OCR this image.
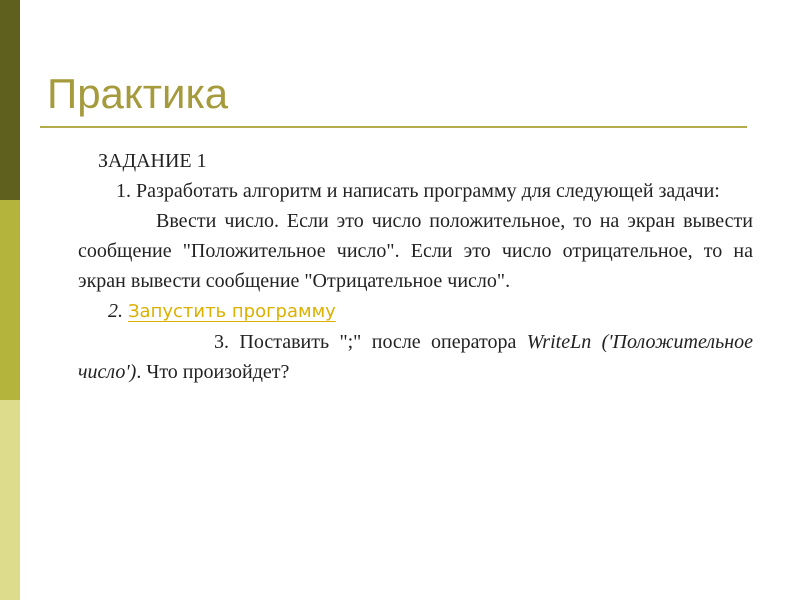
Практика

ЗАДАНИЕ 1

1. Разработать алгоритм и написать программу для следующей задачи:

Ввести число. Если это число положительное, то на экран вывести сообщение "Положительное число". Если это число отрицательное, то на экран вывести сообщение "Отрицательное число".

2. Запустить программу

3. Поставить ";" после оператора WriteLn ('Положительное число'). Что произойдет?
